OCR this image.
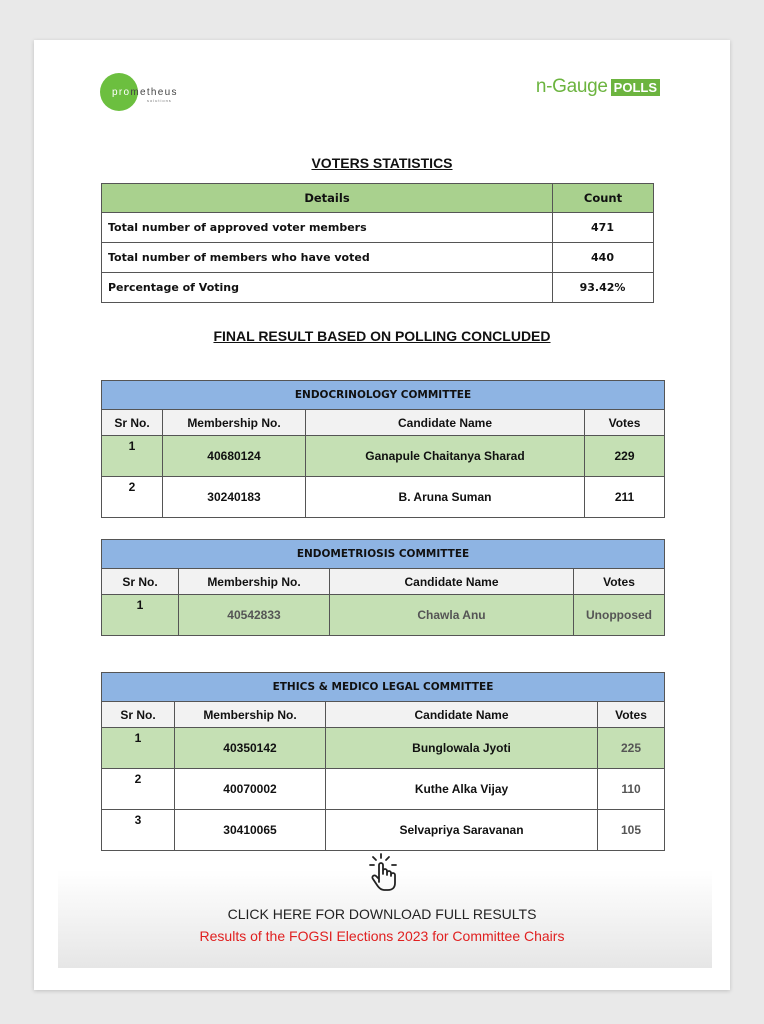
prometheus
solutions
n-Gauge POLLS
VOTERS STATISTICS
Details	Count
Total number of approved voter members	471
Total number of members who have voted	440
Percentage of Voting	93.42%
FINAL RESULT BASED ON POLLING CONCLUDED
ENDOCRINOLOGY COMMITTEE			
Sr No.	Membership No.	Candidate Name	Votes
1	40680124	Ganapule Chaitanya Sharad	229
2	30240183	B. Aruna Suman	211
ENDOMETRIOSIS COMMITTEE			
Sr No.	Membership No.	Candidate Name	Votes
1	40542833	Chawla Anu	Unopposed
ETHICS & MEDICO LEGAL COMMITTEE			
Sr No.	Membership No.	Candidate Name	Votes
1	40350142	Bunglowala Jyoti	225
2	40070002	Kuthe Alka Vijay	110
3	30410065	Selvapriya Saravanan	105
CLICK HERE FOR DOWNLOAD FULL RESULTS
Results of the FOGSI Elections 2023 for Committee Chairs
